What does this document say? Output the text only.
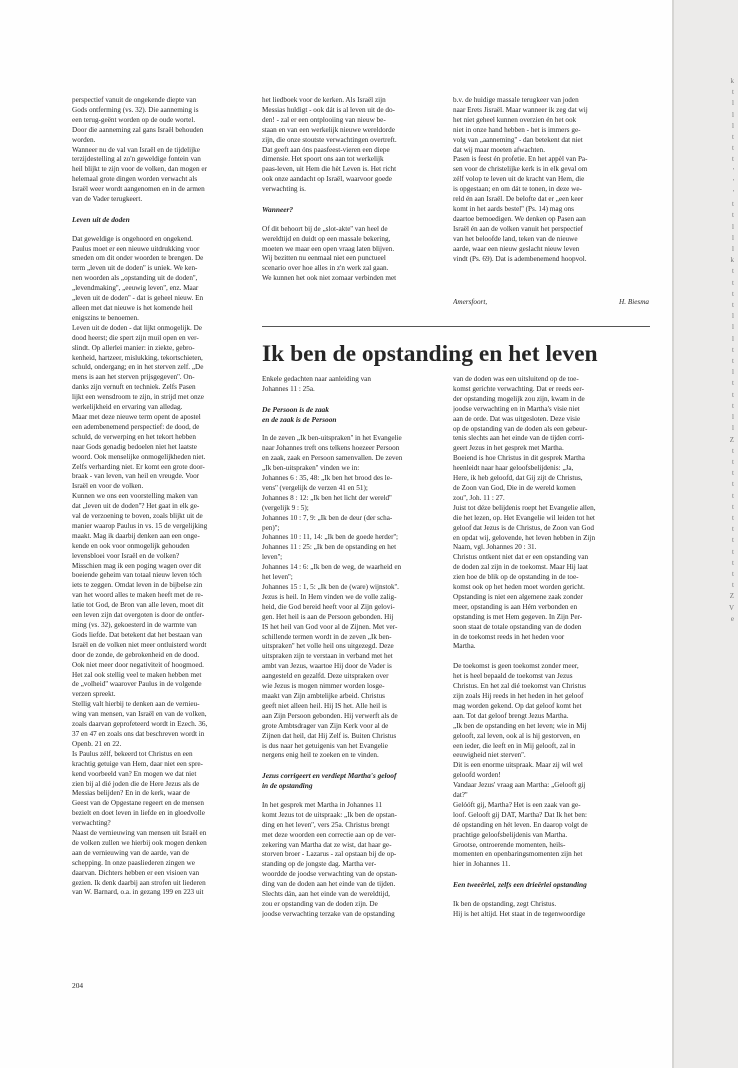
k
t
l
l
l
t
t
t
'
'
'
t
t
l
l
l
k
t
t
t
t
l
l
l
t
t
l
t
t
t
l
l
Z
t
t
t
t
t
t
t
t
t
t
t
t
t
Z
V
e

perspectief vanuit de ongekende diepte van

Gods ontferming (vs. 32). Die aanneming is

een terug-geënt worden op de oude wortel.

Door die aanneming zal gans Israël behouden

worden.

Wanneer nu de val van Israël en de tijdelijke

terzijdestelling al zo'n geweldige fontein van

heil blijkt te zijn voor de volken, dan mogen er

helemaal grote dingen worden verwacht als

Israël weer wordt aangenomen en in de armen

van de Vader terugkeert.

Leven uit de doden

Dat geweldige is ongehoord en ongekend.

Paulus moet er een nieuwe uitdrukking voor

smeden om dit onder woorden te brengen. De

term „leven uit de doden'' is uniek. We ken-

nen woorden als „opstanding uit de doden'',

„levendmaking'', „eeuwig leven'', enz. Maar

„leven uit de doden'' - dat is geheel nieuw. En

alleen met dat nieuwe is het komende heil

enigszins te benoemen.

Leven uit de doden - dat lijkt onmogelijk. De

dood heerst; die spert zijn muil open en ver-

slindt. Op allerlei manier: in ziekte, gebro-

kenheid, hartzeer, mislukking, tekortschieten,

schuld, ondergang; en in het sterven zelf. „De

mens is aan het sterven prijsgegeven''. On-

danks zijn vernuft en techniek. Zelfs Pasen

lijkt een wensdroom te zijn, in strijd met onze

werkelijkheid en ervaring van alledag.

Maar met deze nieuwe term opent de apostel

een adembenemend perspectief: de dood, de

schuld, de verwerping en het tekort hebben

naar Gods genadig bedoelen niet het laatste

woord. Ook menselijke onmogelijkheden niet.

Zelfs verharding niet. Er komt een grote door-

braak - van leven, van heil en vreugde. Voor

Israël en voor de volken.

Kunnen we ons een voorstelling maken van

dat „leven uit de doden''? Het gaat in elk ge-

val de verzoening te boven, zoals blijkt uit de

manier waarop Paulus in vs. 15 de vergelijking

maakt. Mag ik daarbij denken aan een onge-

kende en ook voor onmogelijk gehouden

levensbloei voor Israël en de volken?

Misschien mag ik een poging wagen over dit

boeiende geheim van totaal nieuw leven tóch

iets te zeggen. Omdat leven in de bijbelse zin

van het woord alles te maken heeft met de re-

latie tot God, de Bron van alle leven, moet dit

een leven zijn dat overgoten is door de ontfer-

ming (vs. 32), gekoesterd in de warmte van

Gods liefde. Dat betekent dat het bestaan van

Israël en de volken niet meer ontluisterd wordt

door de zonde, de gebrokenheid en de dood.

Ook niet meer door negativiteit of hoogmoed.

Het zal ook stellig veel te maken hebben met

de „volheid'' waarover Paulus in de volgende

verzen spreekt.

Stellig valt hierbij te denken aan de vernieu-

wing van mensen, van Israël en van de volken,

zoals daarvan geprofeteerd wordt in Ezech. 36,

37 en 47 en zoals ons dat beschreven wordt in

Openb. 21 en 22.

Is Paulus zélf, bekeerd tot Christus en een

krachtig getuige van Hem, daar niet een spre-

kend voorbeeld van? En mogen we dat niet

zien bij al dié joden die de Here Jezus als de

Messias belijden? En in de kerk, waar de

Geest van de Opgestane regeert en de mensen

bezielt en doet leven in liefde en in gloedvolle

verwachting?

Naast de vernieuwing van mensen uit Israël en

de volken zullen we hierbij ook mogen denken

aan de vernieuwing van de aarde, van de

schepping. In onze paasliederen zingen we

daarvan. Dichters hebben er een visioen van

gezien. Ik denk daarbij aan strofen uit liederen

van W. Barnard, o.a. in gezang 199 en 223 uit

het liedboek voor de kerken. Als Israël zijn

Messias huldigt - ook dát is al leven uit de do-

den! - zal er een ontplooiing van nieuw be-

staan en van een werkelijk nieuwe wereldorde

zijn, die onze stoutste verwachtingen overtreft.

Dat geeft aan óns paasfeest-vieren een diepe

dimensie. Het spoort ons aan tot werkelijk

paas-leven, uit Hem die hèt Leven is. Het richt

ook onze aandacht op Israël, waarvoor goede

verwachting is.

Wanneer?

Of dit behoort bij de „slot-akte'' van heel de

wereldtijd en duidt op een massale bekering,

moeten we maar een open vraag laten blijven.

Wij bezitten nu eenmaal niet een punctueel

scenario over hoe alles in z'n werk zal gaan.

We kunnen het ook niet zomaar verbinden met

b.v. de huidige massale terugkeer van joden

naar Erets Jisraël. Maar wanneer ik zeg dat wij

het niet geheel kunnen overzien én het ook

niet in onze hand hebben - het is immers ge-

volg van „aanneming'' - dan betekent dat niet

dat wij maar moeten afwachten.

Pasen is feest én profetie. En het appèl van Pa-

sen voor de christelijke kerk is in elk geval om

zélf volop te leven uit de kracht van Hem, die

is opgestaan; en om dát te tonen, in deze we-

reld én aan Israël. De belofte dat er „een keer

komt in het aards bestel'' (Ps. 14) mag ons

daartoe bemoedigen. We denken op Pasen aan

Israël én aan de volken vanuit het perspectief

van het beloofde land, teken van de nieuwe

aarde, waar een nieuw geslacht nieuw leven

vindt (Ps. 69). Dat is adembenemend hoopvol.

Amersfoort,	H. Biesma
Ik ben de opstanding en het leven

Enkele gedachten naar aanleiding van

Johannes 11 : 25a.

De Persoon is de zaak
en de zaak is de Persoon

In de zeven „Ik ben-uitspraken'' in het Evangelie

naar Johannes treft ons telkens hoezeer Persoon

en zaak, zaak en Persoon samenvallen. De zeven

„Ik ben-uitspraken'' vinden we in:

Johannes 6 : 35, 48: „Ik ben het brood des le-

vens'' (vergelijk de verzen 41 en 51);

Johannes 8 : 12: „Ik ben het licht der wereld''

(vergelijk 9 : 5);

Johannes 10 : 7, 9: „Ik ben de deur (der scha-

pen)'';

Johannes 10 : 11, 14: „Ik ben de goede herder'';

Johannes 11 : 25: „Ik ben de opstanding en het

leven'';

Johannes 14 : 6: „Ik ben de weg, de waarheid en

het leven'';

Johannes 15 : 1, 5: „Ik ben de (ware) wijnstok''.

Jezus is heil. In Hem vinden we de volle zalig-

heid, die God bereid heeft voor al Zijn gelovi-

gen. Het heil is aan de Persoon gebonden. Hij

IS het heil van God voor al de Zijnen. Met ver-

schillende termen wordt in de zeven „Ik ben-

uitspraken'' het volle heil ons uitgezegd. Deze

uitspraken zijn te verstaan in verband met het

ambt van Jezus, waartoe Hij door de Vader is

aangesteld en gezalfd. Deze uitspraken over

wie Jezus is mogen nimmer worden losge-

maakt van Zijn ambtelijke arbeid. Christus

geeft niet alleen heil. Hij IS het. Alle heil is

aan Zijn Persoon gebonden. Hij verwerft als de

grote Ambtsdrager van Zijn Kerk voor al de

Zijnen dat heil, dat Hij Zelf is. Buiten Christus

is dus naar het getuigenis van het Evangelie

nergens enig heil te zoeken en te vinden.

Jezus corrigeert en verdiept Martha's geloof
in de opstanding

In het gesprek met Martha in Johannes 11

komt Jezus tot de uitspraak: „Ik ben de opstan-

ding en het leven'', vers 25a. Christus brengt

met deze woorden een correctie aan op de ver-

zekering van Martha dat ze wist, dat haar ge-

storven broer - Lazarus - zal opstaan bij de op-

standing op de jongste dag. Martha ver-

woordde de joodse verwachting van de opstan-

ding van de doden aan het einde van de tijden.

Slechts dán, aan het einde van de wereldtijd,

zou er opstanding van de doden zijn. De

joodse verwachting terzake van de opstanding

van de doden was een uitsluitend op de toe-

komst gerichte verwachting. Dat er reeds eer-

der opstanding mogelijk zou zijn, kwam in de

joodse verwachting en in Martha's visie niet

aan de orde. Dat was uitgesloten. Deze visie

op de opstanding van de doden als een gebeur-

tenis slechts aan het einde van de tijden corri-

geert Jezus in het gesprek met Martha.

Boeiend is hoe Christus in dit gesprek Martha

heenleidt naar haar geloofsbelijdenis: „Ja,

Here, ik heb geloofd, dat Gij zijt de Christus,

de Zoon van God, Die in de wereld komen

zou'', Joh. 11 : 27.

Juist tot déze belijdenis roept het Evangelie allen,

die het lezen, op. Het Evangelie wil leiden tot het

geloof dat Jezus is de Christus, de Zoon van God

en opdat wij, gelovende, het leven hebben in Zijn

Naam, vgl. Johannes 20 : 31.

Christus ontkent niet dat er een opstanding van

de doden zal zijn in de toekomst. Maar Hij laat

zien hoe de blik op de opstanding in de toe-

komst ook op het heden moet worden gericht.

Opstanding is niet een algemene zaak zonder

meer, opstanding is aan Hém verbonden en

opstanding is met Hem gegeven. In Zijn Per-

soon staat de totale opstanding van de doden

in de toekomst reeds in het heden voor

Martha.

De toekomst is geen toekomst zonder meer,

het is heel bepaald de toekomst van Jezus

Christus. En het zal dié toekomst van Christus

zijn zoals Hij reeds in het heden in het geloof

mag worden gekend. Op dat geloof komt het

aan. Tot dat geloof brengt Jezus Martha.

„Ik ben de opstanding en het leven; wie in Mij

gelooft, zal leven, ook al is hij gestorven, en

een ieder, die leeft en in Mij gelooft, zal in

eeuwigheid niet sterven''.

Dit is een enorme uitspraak. Maar zij wil wel

geloofd worden!

Vandaar Jezus' vraag aan Martha: „Gelooft gij

dat?''

Gelóóft gij, Martha? Het is een zaak van ge-

loof. Gelooft gij DAT, Martha? Dat Ik het ben:

dé opstanding en hét leven. En daarop volgt de

prachtige geloofsbelijdenis van Martha.

Grootse, ontroerende momenten, heils-

momenten en openbaringsmomenten zijn het

hier in Johannes 11.

Een tweeërlei, zelfs een drieërlei opstanding

Ik ben de opstanding, zegt Christus.

Hij is het altijd. Het staat in de tegenwoordige

204
